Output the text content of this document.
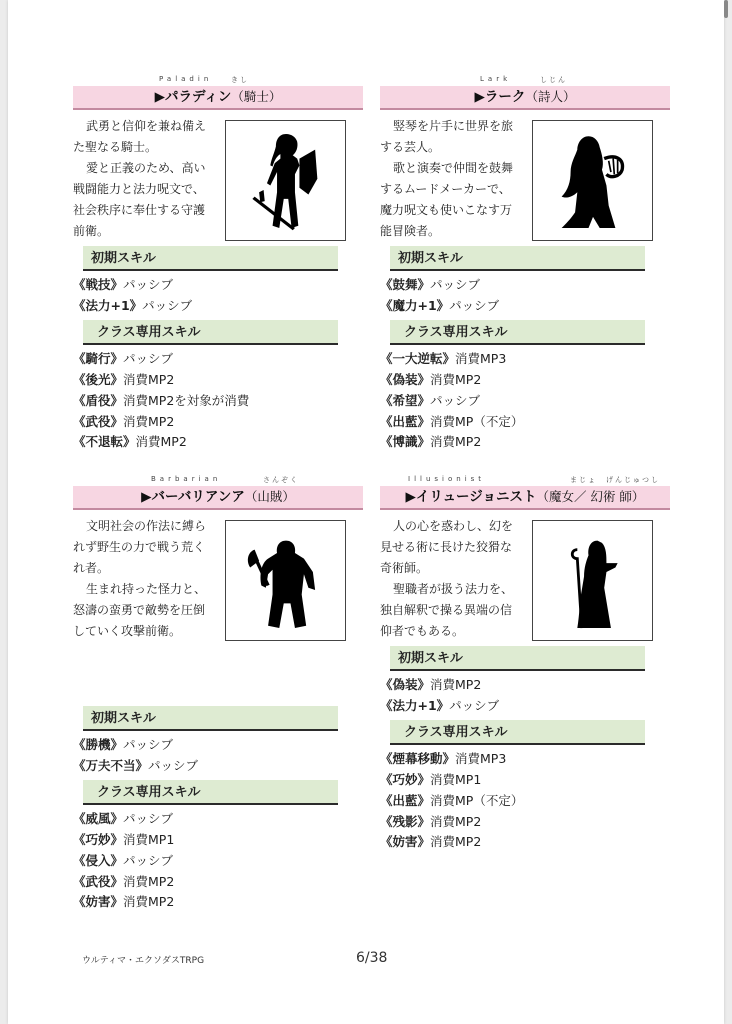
Paladin	きし
▶パラディン（騎士）

武勇と信仰を兼ね備えた聖なる騎士。

愛と正義のため、高い戦闘能力と法力呪文で、社会秩序に奉仕する守護前衛。

初期スキル
《戦技》パッシブ
《法力+1》パッシブ
クラス専用スキル
《騎行》パッシブ
《後光》消費MP2
《盾役》消費MP2を対象が消費
《武役》消費MP2
《不退転》消費MP2
Lark	しじん
▶ラーク（詩人）

竪琴を片手に世界を旅する芸人。

歌と演奏で仲間を鼓舞するムードメーカーで、魔力呪文も使いこなす万能冒険者。

初期スキル
《鼓舞》パッシブ
《魔力+1》パッシブ
クラス専用スキル
《一大逆転》消費MP3
《偽装》消費MP2
《希望》パッシブ
《出藍》消費MP（不定）
《博識》消費MP2
Barbarian	さんぞく
▶バーバリアンア（山賊）

文明社会の作法に縛られず野生の力で戦う荒くれ者。

生まれ持った怪力と、怒濤の蛮勇で敵勢を圧倒していく攻撃前衛。

初期スキル
《勝機》パッシブ
《万夫不当》パッシブ
クラス専用スキル
《威風》パッシブ
《巧妙》消費MP1
《侵入》パッシブ
《武役》消費MP2
《妨害》消費MP2
Illusionist	まじょ　げんじゅつし
▶イリュージョニスト（魔女／ 幻術 師）

人の心を惑わし、幻を見せる術に長けた狡猾な奇術師。

聖職者が扱う法力を、独自解釈で操る異端の信仰者でもある。

初期スキル
《偽装》消費MP2
《法力+1》パッシブ
クラス専用スキル
《煙幕移動》消費MP3
《巧妙》消費MP1
《出藍》消費MP（不定）
《残影》消費MP2
《妨害》消費MP2
ウルティマ・エクソダスTRPG	6/38
